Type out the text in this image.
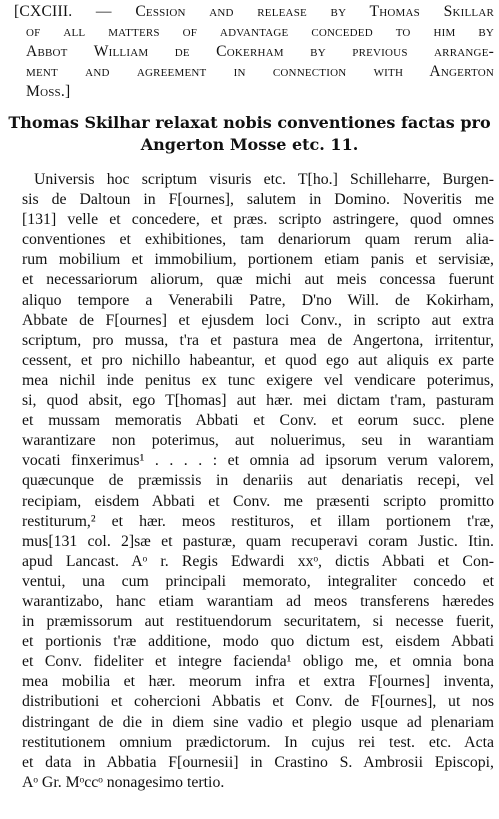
[CXCIII. — Cession and release by Thomas Skillar
of all matters of advantage conceded to him by
Abbot William de Cokerham by previous arrange-
ment and agreement in connection with Angerton
Moss.]
Thomas Skilhar relaxat nobis conventiones factas pro
Angerton Mosse etc. 11.
Universis hoc scriptum visuris etc. T[ho.] Schilleharre, Burgen-
sis de Daltoun in F[ournes], salutem in Domino. Noveritis me
[131] velle et concedere, et præs. scripto astringere, quod omnes
conventiones et exhibitiones, tam denariorum quam rerum alia-
rum mobilium et immobilium, portionem etiam panis et servisiæ,
et necessariorum aliorum, quæ michi aut meis concessa fuerunt
aliquo tempore a Venerabili Patre, D'no Will. de Kokirham,
Abbate de F[ournes] et ejusdem loci Conv., in scripto aut extra
scriptum, pro mussa, t'ra et pastura mea de Angertona, irritentur,
cessent, et pro nichillo habeantur, et quod ego aut aliquis ex parte
mea nichil inde penitus ex tunc exigere vel vendicare poterimus,
si, quod absit, ego T[homas] aut hær. mei dictam t'ram, pasturam
et mussam memoratis Abbati et Conv. et eorum succ. plene
warantizare non poterimus, aut noluerimus, seu in warantiam
vocati finxerimus¹ . . . . : et omnia ad ipsorum verum valorem,
quæcunque de præmissis in denariis aut denariatis recepi, vel
recipiam, eisdem Abbati et Conv. me præsenti scripto promitto
restiturum,² et hær. meos restituros, et illam portionem t'ræ,
mus[131 col. 2]sæ et pasturæ, quam recuperavi coram Justic. Itin.
apud Lancast. Aᵒ r. Regis Edwardi xxᵒ, dictis Abbati et Con-
ventui, una cum principali memorato, integraliter concedo et
warantizabo, hanc etiam warantiam ad meos transferens hæredes
in præmissorum aut restituendorum securitatem, si necesse fuerit,
et portionis t'ræ additione, modo quo dictum est, eisdem Abbati
et Conv. fideliter et integre facienda¹ obligo me, et omnia bona
mea mobilia et hær. meorum infra et extra F[ournes] inventa,
distributioni et cohercioni Abbatis et Conv. de F[ournes], ut nos
distringant de die in diem sine vadio et plegio usque ad plenariam
restitutionem omnium prædictorum. In cujus rei test. etc. Acta
et data in Abbatia F[ournesii] in Crastino S. Ambrosii Episcopi,
Aᵒ Gr. Mᵒccᵒ nonagesimo tertio.
